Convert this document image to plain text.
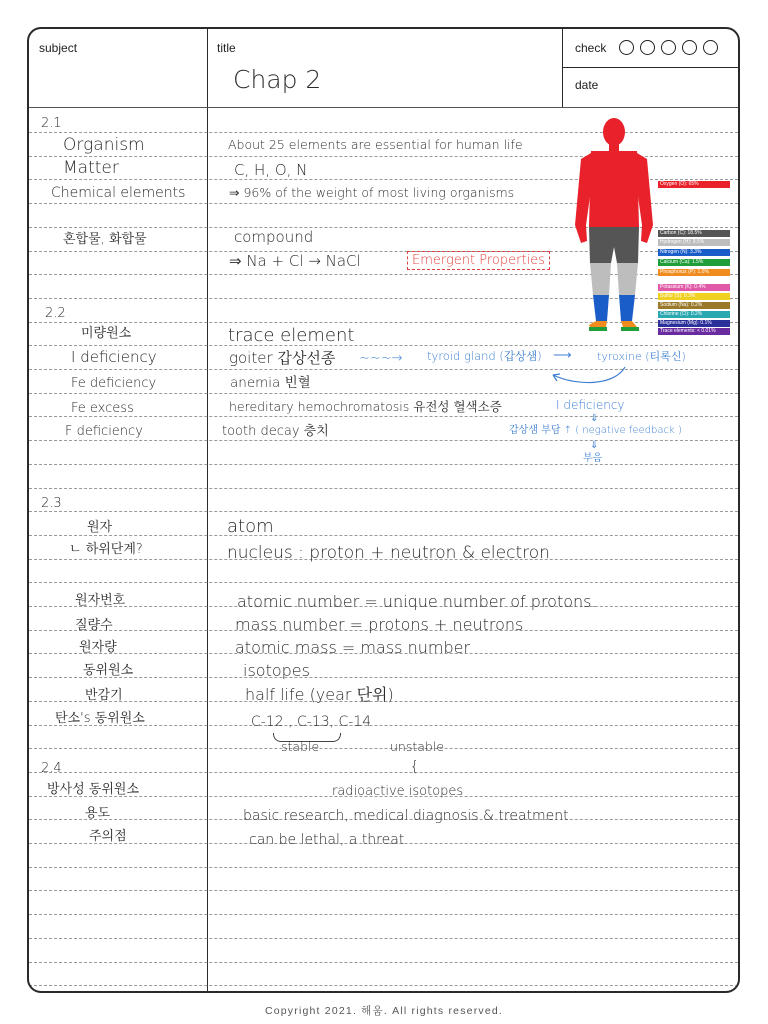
subject	title	check
date
Chap 2
2.1
Organism
Matter
Chemical elements
혼합물, 화합물
2.2
미량원소
I deficiency
Fe deficiency
Fe excess
F deficiency
2.3
원자
ㄴ 하위단계?
원자번호
질량수
원자량
동위원소
반감기
탄소's 동위원소
2.4
방사성 동위원소
용도
주의점
About 25 elements are essential for human life
C, H, O, N
⇒ 96% of the weight of most living organisms
compound
⇒ Na + Cl → NaCl	Emergent Properties
trace element
goiter 갑상선종
anemia 빈혈
hereditary hemochromatosis 유전성 혈색소증
tooth decay 충치
atom
nucleus : proton + neutron & electron
atomic number = unique number of protons.
mass number = protons + neutrons
atomic mass = mass number
isotopes
half life (year 단위)
C-12 , C-13, C-14
stable	unstable
{
radioactive isotopes
basic research, medical diagnosis & treatment
can be lethal, a threat
~~~→ tyroid gland (갑상샘) ⟶ tyroxine (티록신)
I deficiency
⇓
갑상샘 부담 ↑ ( negative feedback )
⇓
부음
Oxygen (O): 65%
Carbon (C): 18.5%
Hydrogen (H): 9.5%
Nitrogen (N): 3.3%
Calcium (Ca): 1.5%
Phosphorus (P): 1.0%
Potassium (K): 0.4%
Sulfur (S): 0.3%
Sodium (Na): 0.2%
Chlorine (Cl): 0.2%
Magnesium (Mg): 0.1%
Trace elements: < 0.01%
Copyright 2021. 해움. All rights reserved.
